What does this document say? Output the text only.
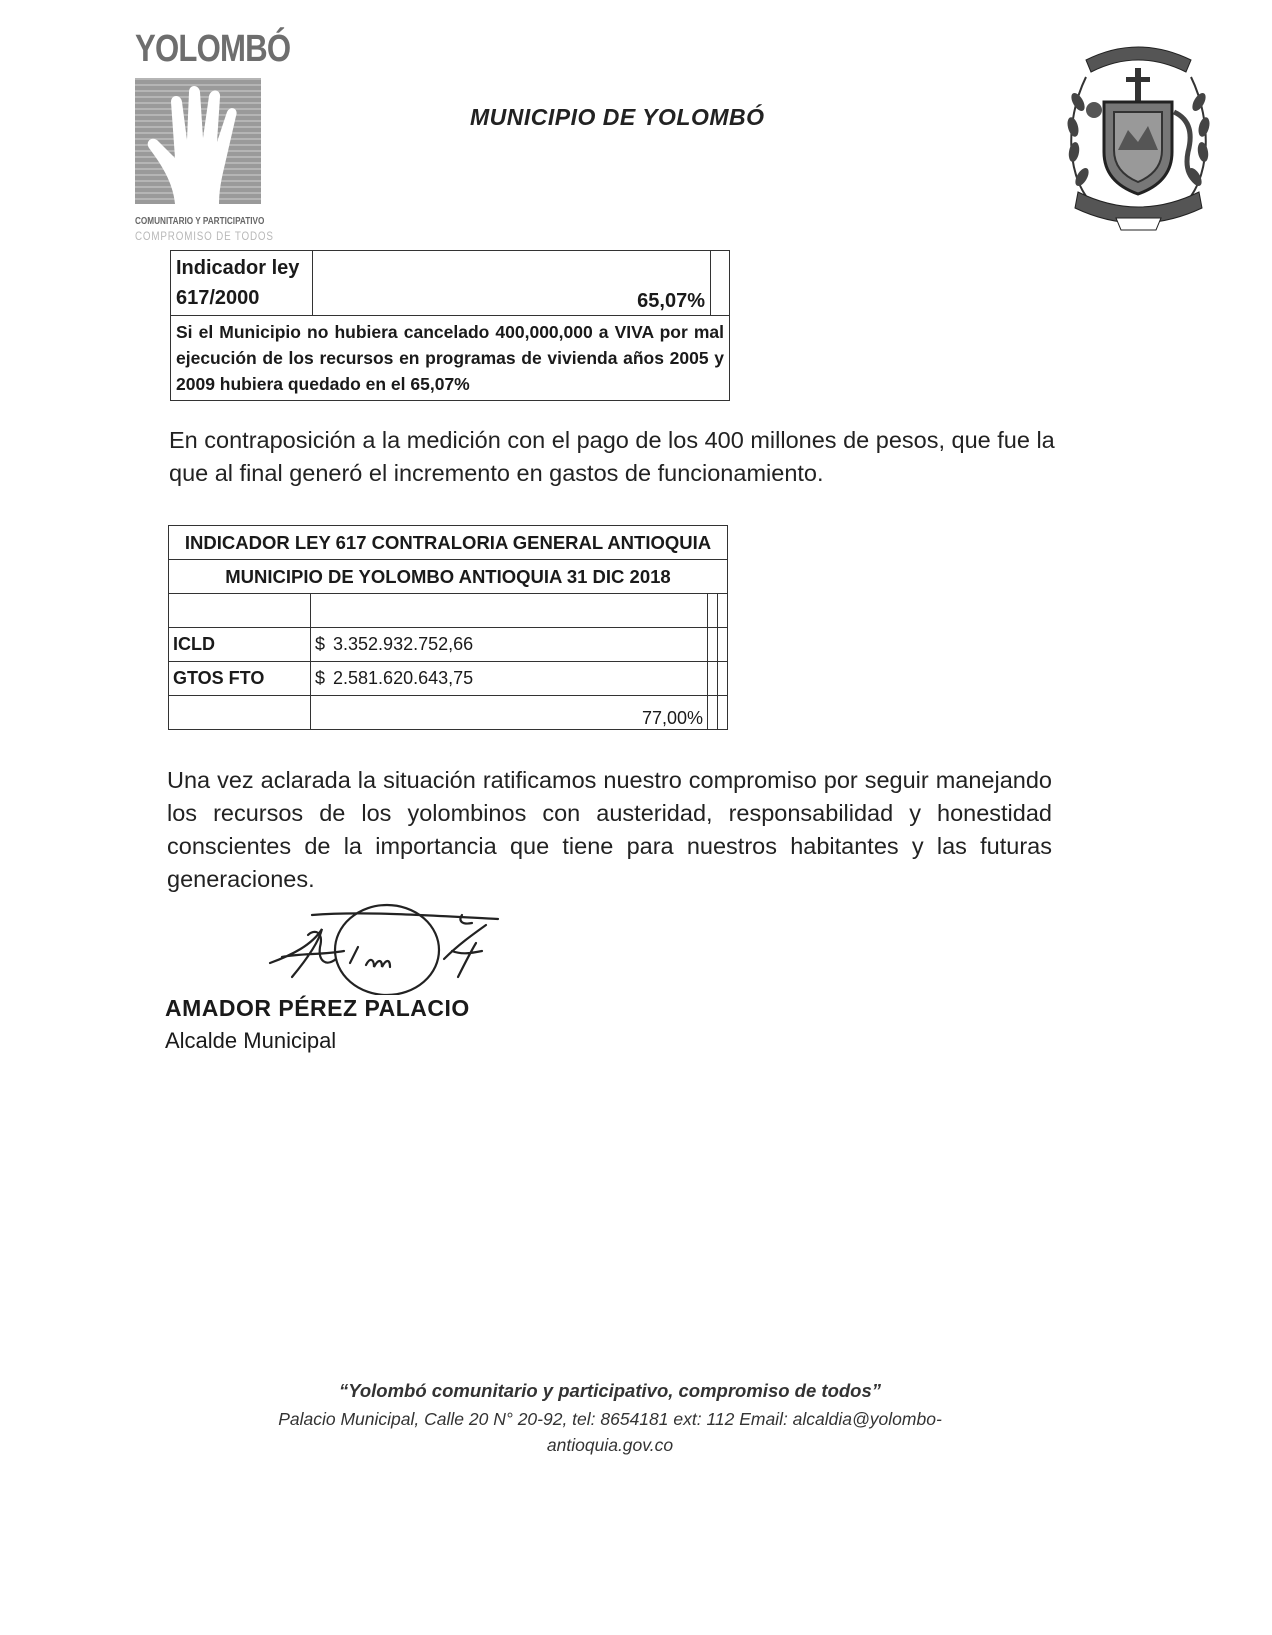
YOLOMBÓ
COMUNITARIO Y PARTICIPATIVO
COMPROMISO DE TODOS
MUNICIPIO DE YOLOMBÓ
Indicador ley 617/2000	65,07%	
Si el Municipio no hubiera cancelado 400,000,000 a VIVA por mal ejecución de los recursos en programas de vivienda años 2005 y 2009 hubiera quedado en el 65,07%
En contraposición a la medición con el pago de los 400 millones de pesos, que fue la que al final generó el incremento en gastos de funcionamiento.
INDICADOR LEY 617 CONTRALORIA GENERAL ANTIOQUIA			
MUNICIPIO DE YOLOMBO ANTIOQUIA 31 DIC 2018			

ICLD	$ 3.352.932.752,66		

GTOS FTO	$ 2.581.620.643,75		

	77,00%		
Una vez aclarada la situación ratificamos nuestro compromiso por seguir manejando los recursos de los yolombinos con austeridad, responsabilidad y honestidad conscientes de la importancia que tiene para nuestros habitantes y las futuras generaciones.
AMADOR PÉREZ PALACIO
Alcalde Municipal
“Yolombó comunitario y participativo, compromiso de todos”
Palacio Municipal, Calle 20 N° 20-92, tel: 8654181 ext: 112 Email: alcaldia@yolombo-
antioquia.gov.co
